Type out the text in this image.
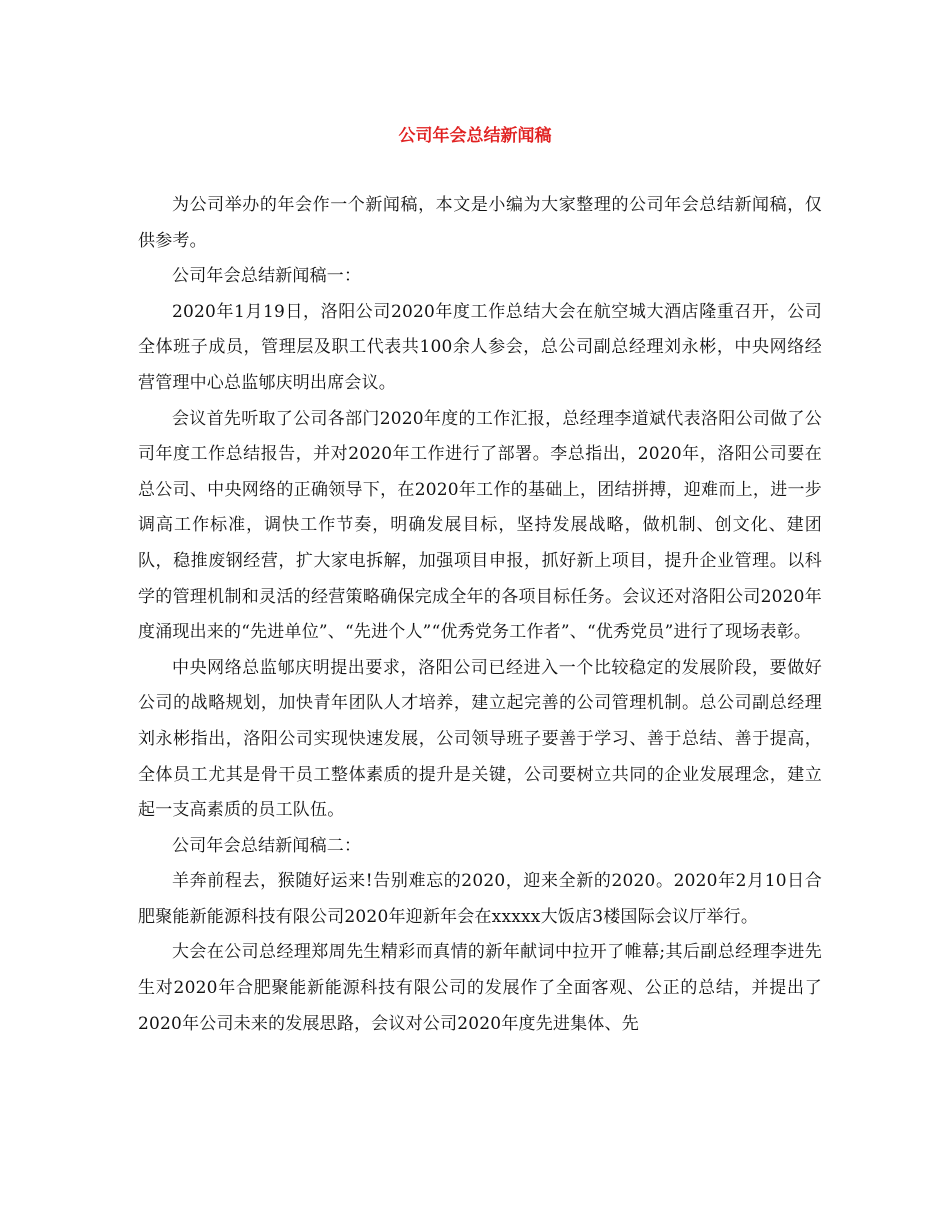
公司年会总结新闻稿

为公司举办的年会作一个新闻稿，本文是小编为大家整理的公司年会总结新闻稿，仅供参考。

公司年会总结新闻稿一：

2020年1月19日，洛阳公司2020年度工作总结大会在航空城大酒店隆重召开，公司全体班子成员，管理层及职工代表共100余人参会，总公司副总经理刘永彬，中央网络经营管理中心总监郇庆明出席会议。

会议首先听取了公司各部门2020年度的工作汇报，总经理李道斌代表洛阳公司做了公司年度工作总结报告，并对2020年工作进行了部署。李总指出，2020年，洛阳公司要在总公司、中央网络的正确领导下，在2020年工作的基础上，团结拼搏，迎难而上，进一步调高工作标准，调快工作节奏，明确发展目标，坚持发展战略，做机制、创文化、建团队，稳推废钢经营，扩大家电拆解，加强项目申报，抓好新上项目，提升企业管理。以科学的管理机制和灵活的经营策略确保完成全年的各项目标任务。会议还对洛阳公司2020年度涌现出来的“先进单位”、“先进个人”“优秀党务工作者”、“优秀党员”进行了现场表彰。

中央网络总监郇庆明提出要求，洛阳公司已经进入一个比较稳定的发展阶段，要做好公司的战略规划，加快青年团队人才培养，建立起完善的公司管理机制。总公司副总经理刘永彬指出，洛阳公司实现快速发展，公司领导班子要善于学习、善于总结、善于提高，全体员工尤其是骨干员工整体素质的提升是关键，公司要树立共同的企业发展理念，建立起一支高素质的员工队伍。

公司年会总结新闻稿二：

羊奔前程去，猴随好运来!告别难忘的2020，迎来全新的2020。2020年2月10日合肥聚能新能源科技有限公司2020年迎新年会在xxxxx大饭店3楼国际会议厅举行。

大会在公司总经理郑周先生精彩而真情的新年献词中拉开了帷幕;其后副总经理李进先生对2020年合肥聚能新能源科技有限公司的发展作了全面客观、公正的总结，并提出了2020年公司未来的发展思路，会议对公司2020年度先进集体、先
